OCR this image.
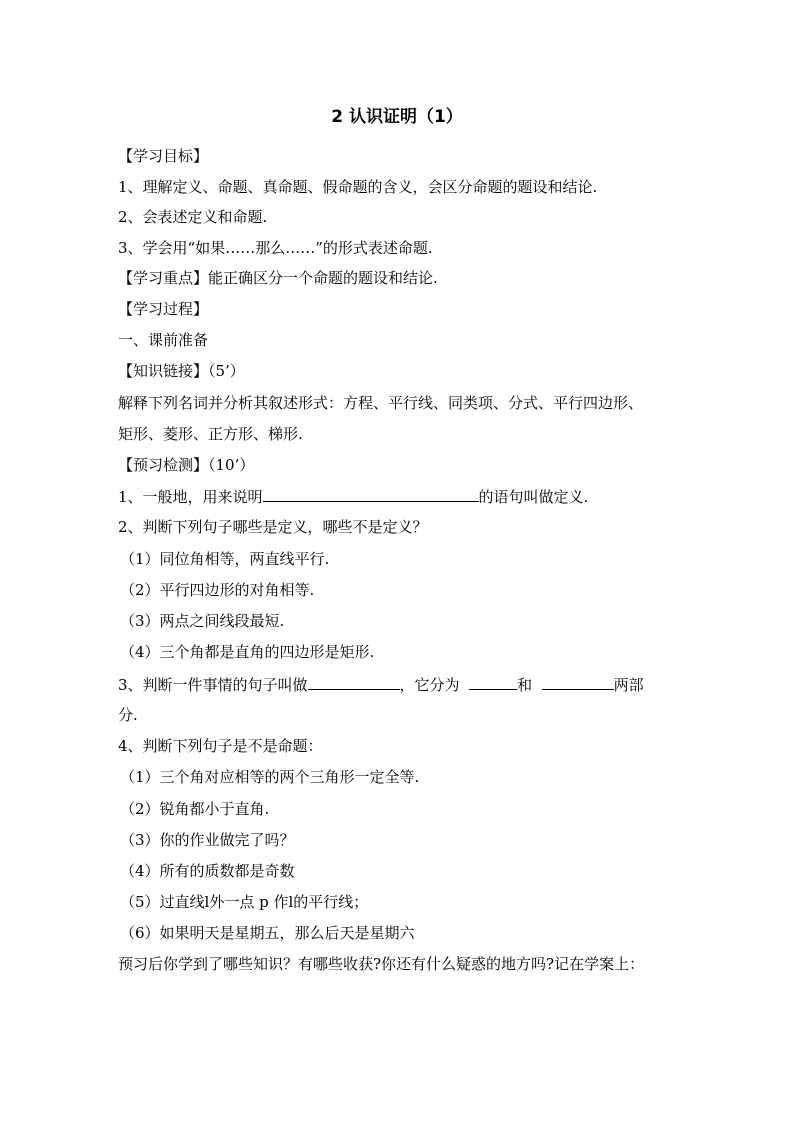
2 认识证明（1）
【学习目标】
1、理解定义、命题、真命题、假命题的含义，会区分命题的题设和结论.
2、会表述定义和命题.
3、学会用“如果……那么……”的形式表述命题.
【学习重点】能正确区分一个命题的题设和结论.
【学习过程】
一、课前准备
【知识链接】（5’）
解释下列名词并分析其叙述形式：方程、平行线、同类项、分式、平行四边形、
矩形、菱形、正方形、梯形.
【预习检测】（10’）
1、一般地，用来说明	的语句叫做定义.
2、判断下列句子哪些是定义，哪些不是定义？
（1）同位角相等，两直线平行.
（2）平行四边形的对角相等.
（3）两点之间线段最短.
（4）三个角都是直角的四边形是矩形.
3、判断一件事情的句子叫做	，它分为	和	两部
分.
4、判断下列句子是不是命题：
（1）三个角对应相等的两个三角形一定全等.
（2）锐角都小于直角.
（3）你的作业做完了吗？
（4）所有的质数都是奇数
（5）过直线l外一点 p 作l的平行线；
（6）如果明天是星期五，那么后天是星期六
预习后你学到了哪些知识？有哪些收获?你还有什么疑惑的地方吗?记在学案上：
